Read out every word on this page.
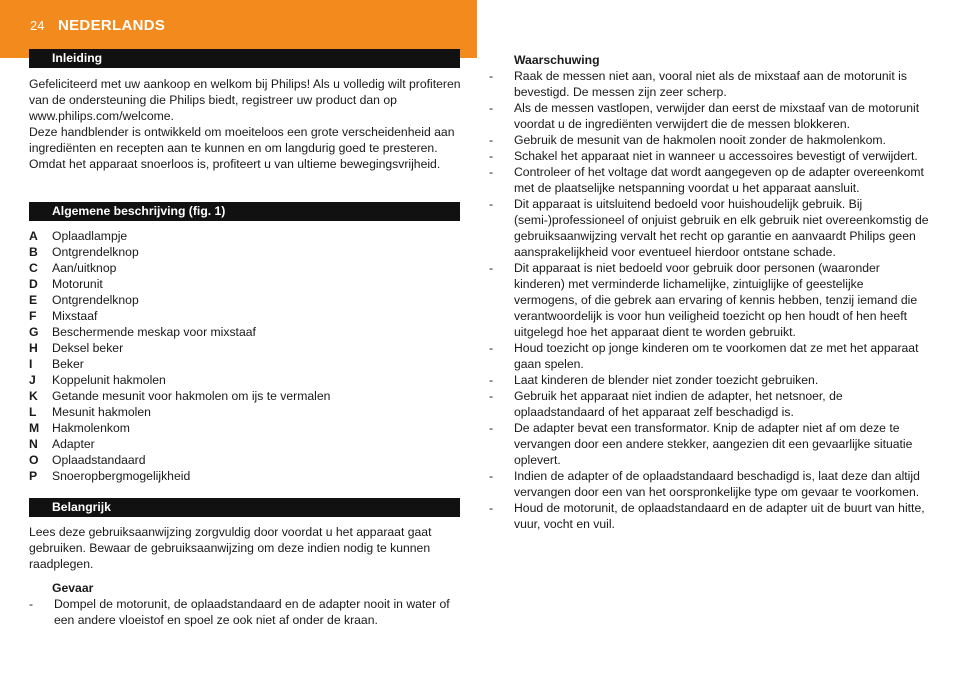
24 NEDERLANDS
Inleiding

Gefeliciteerd met uw aankoop en welkom bij Philips! Als u volledig wilt profiteren van de ondersteuning die Philips biedt, registreer uw product dan op www.philips.com/welcome.

Deze handblender is ontwikkeld om moeiteloos een grote verscheidenheid aan ingrediënten en recepten aan te kunnen en om langdurig goed te presteren. Omdat het apparaat snoerloos is, profiteert u van ultieme bewegingsvrijheid.

Algemene beschrijving (fig. 1)
A Oplaadlampje
B Ontgrendelknop
C Aan/uitknop
D Motorunit
E Ontgrendelknop
F Mixstaaf
G Beschermende meskap voor mixstaaf
H Deksel beker
I Beker
J Koppelunit hakmolen
K Getande mesunit voor hakmolen om ijs te vermalen
L Mesunit hakmolen
M Hakmolenkom
N Adapter
O Oplaadstandaard
P Snoeropbergmogelijkheid
Belangrijk

Lees deze gebruiksaanwijzing zorgvuldig door voordat u het apparaat gaat gebruiken. Bewaar de gebruiksaanwijzing om deze indien nodig te kunnen raadplegen.

Gevaar

- Dompel de motorunit, de oplaadstandaard en de adapter nooit in water of een andere vloeistof en spoel ze ook niet af onder de kraan.

Waarschuwing

- Raak de messen niet aan, vooral niet als de mixstaaf aan de motorunit is bevestigd. De messen zijn zeer scherp.
- Als de messen vastlopen, verwijder dan eerst de mixstaaf van de motorunit voordat u de ingrediënten verwijdert die de messen blokkeren.
- Gebruik de mesunit van de hakmolen nooit zonder de hakmolenkom.
- Schakel het apparaat niet in wanneer u accessoires bevestigt of verwijdert.
- Controleer of het voltage dat wordt aangegeven op de adapter overeenkomt met de plaatselijke netspanning voordat u het apparaat aansluit.
- Dit apparaat is uitsluitend bedoeld voor huishoudelijk gebruik. Bij (semi-)professioneel of onjuist gebruik en elk gebruik niet overeenkomstig de gebruiksaanwijzing vervalt het recht op garantie en aanvaardt Philips geen aansprakelijkheid voor eventueel hierdoor ontstane schade.
- Dit apparaat is niet bedoeld voor gebruik door personen (waaronder kinderen) met verminderde lichamelijke, zintuiglijke of geestelijke vermogens, of die gebrek aan ervaring of kennis hebben, tenzij iemand die verantwoordelijk is voor hun veiligheid toezicht op hen houdt of hen heeft uitgelegd hoe het apparaat dient te worden gebruikt.
- Houd toezicht op jonge kinderen om te voorkomen dat ze met het apparaat gaan spelen.
- Laat kinderen de blender niet zonder toezicht gebruiken.
- Gebruik het apparaat niet indien de adapter, het netsnoer, de oplaadstandaard of het apparaat zelf beschadigd is.
- De adapter bevat een transformator. Knip de adapter niet af om deze te vervangen door een andere stekker, aangezien dit een gevaarlijke situatie oplevert.
- Indien de adapter of de oplaadstandaard beschadigd is, laat deze dan altijd vervangen door een van het oorspronkelijke type om gevaar te voorkomen.
- Houd de motorunit, de oplaadstandaard en de adapter uit de buurt van hitte, vuur, vocht en vuil.
